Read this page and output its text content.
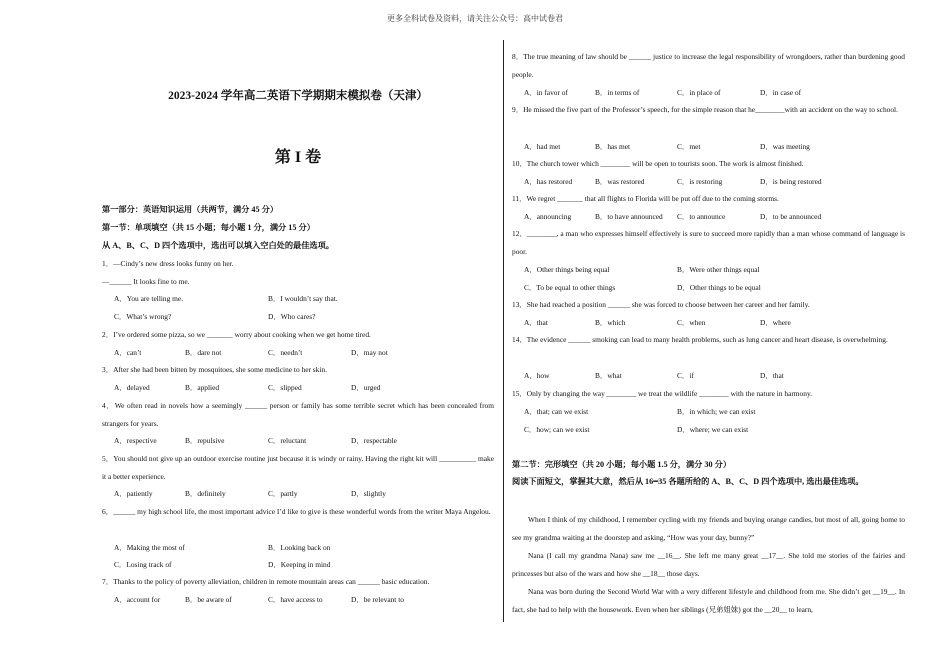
更多全科试卷及资料，请关注公众号：高中试卷君
2023-2024 学年高二英语下学期期末模拟卷（天津）
第 I 卷
第一部分：英语知识运用（共两节，满分 45 分）
第一节：单项填空（共 15 小题；每小题 1 分，满分 15 分）
从 A、B、C、D 四个选项中，选出可以填入空白处的最佳选项。
1．—Cindy’s new dress looks funny on her.
—______ It looks fine to me.
A．You are telling me.	B．I wouldn’t say that.
C．What’s wrong?	D．Who cares?
2．I’ve ordered some pizza, so we _______ worry about cooking when we get home tired.
A．can’t	B．dare not	C．needn’t	D．may not
3．After she had been bitten by mosquitoes, she some medicine to her skin.
A．delayed	B．applied	C．slipped	D．urged
4．We often read in novels how a seemingly ______ person or family has some terrible secret which has been concealed from strangers for years.
A．respective	B．repulsive	C．reluctant	D．respectable
5．You should not give up an outdoor exercise routine just because it is windy or rainy. Having the right kit will __________ make it a better experience.
A．patiently	B．definitely	C．partly	D．slightly
6．______ my high school life, the most important advice I’d like to give is these wonderful words from the writer Maya Angelou.
A．Making the most of	B．Looking back on
C．Losing track of	D．Keeping in mind
7．Thanks to the policy of poverty alleviation, children in remote mountain areas can ______ basic education.
A．account for	B．be aware of	C．have access to	D．be relevant to
8．The true meaning of law should be ______ justice to increase the legal responsibility of wrongdoers, rather than burdening good people.
A．in favor of	B．in terms of	C．in place of	D．in case of
9．He missed the five part of the Professor’s speech, for the simple reason that he________with an accident on the way to school.
A．had met	B．has met	C．met	D．was meeting
10．The church tower which ________ will be open to tourists soon. The work is almost finished.
A．has restored	B．was restored	C．is restoring	D．is being restored
11．We regret _______ that all flights to Florida will be put off due to the coming storms.
A．announcing	B．to have announced C．to announce	D．to be announced
12．________, a man who expresses himself effectively is sure to succeed more rapidly than a man whose command of language is poor.
A．Other things being equal	B．Were other things equal
C．To be equal to other things	D．Other things to be equal
13．She had reached a position ______ she was forced to choose between her career and her family.
A．that	B．which	C．when	D．where
14．The evidence ______ smoking can lead to many health problems, such as lung cancer and heart disease, is overwhelming.
A．how	B．what	C．if	D．that
15．Only by changing the way ________ we treat the wildlife ________ with the nature in harmony.
A．that; can we exist	B．in which; we can exist
C．how; can we exist	D．where; we can exist
第二节：完形填空（共 20 小题；每小题 1.5 分，满分 30 分）
阅读下面短文，掌握其大意，然后从 16━35 各题所给的 A、B、C、D 四个选项中, 选出最佳选项。
When I think of my childhood, I remember cycling with my friends and buying orange candies, but most of all, going home to see my grandma waiting at the doorstep and asking, “How was your day, bunny?”
Nana (I call my grandma Nana) saw me __16__. She left me many great __17__. She told me stories of the fairies and princesses but also of the wars and how she __18__ those days.
Nana was born during the Second World War with a very different lifestyle and childhood from me. She didn’t get __19__. In fact, she had to help with the housework. Even when her siblings (兄弟姐妹) got the __20__ to learn,
